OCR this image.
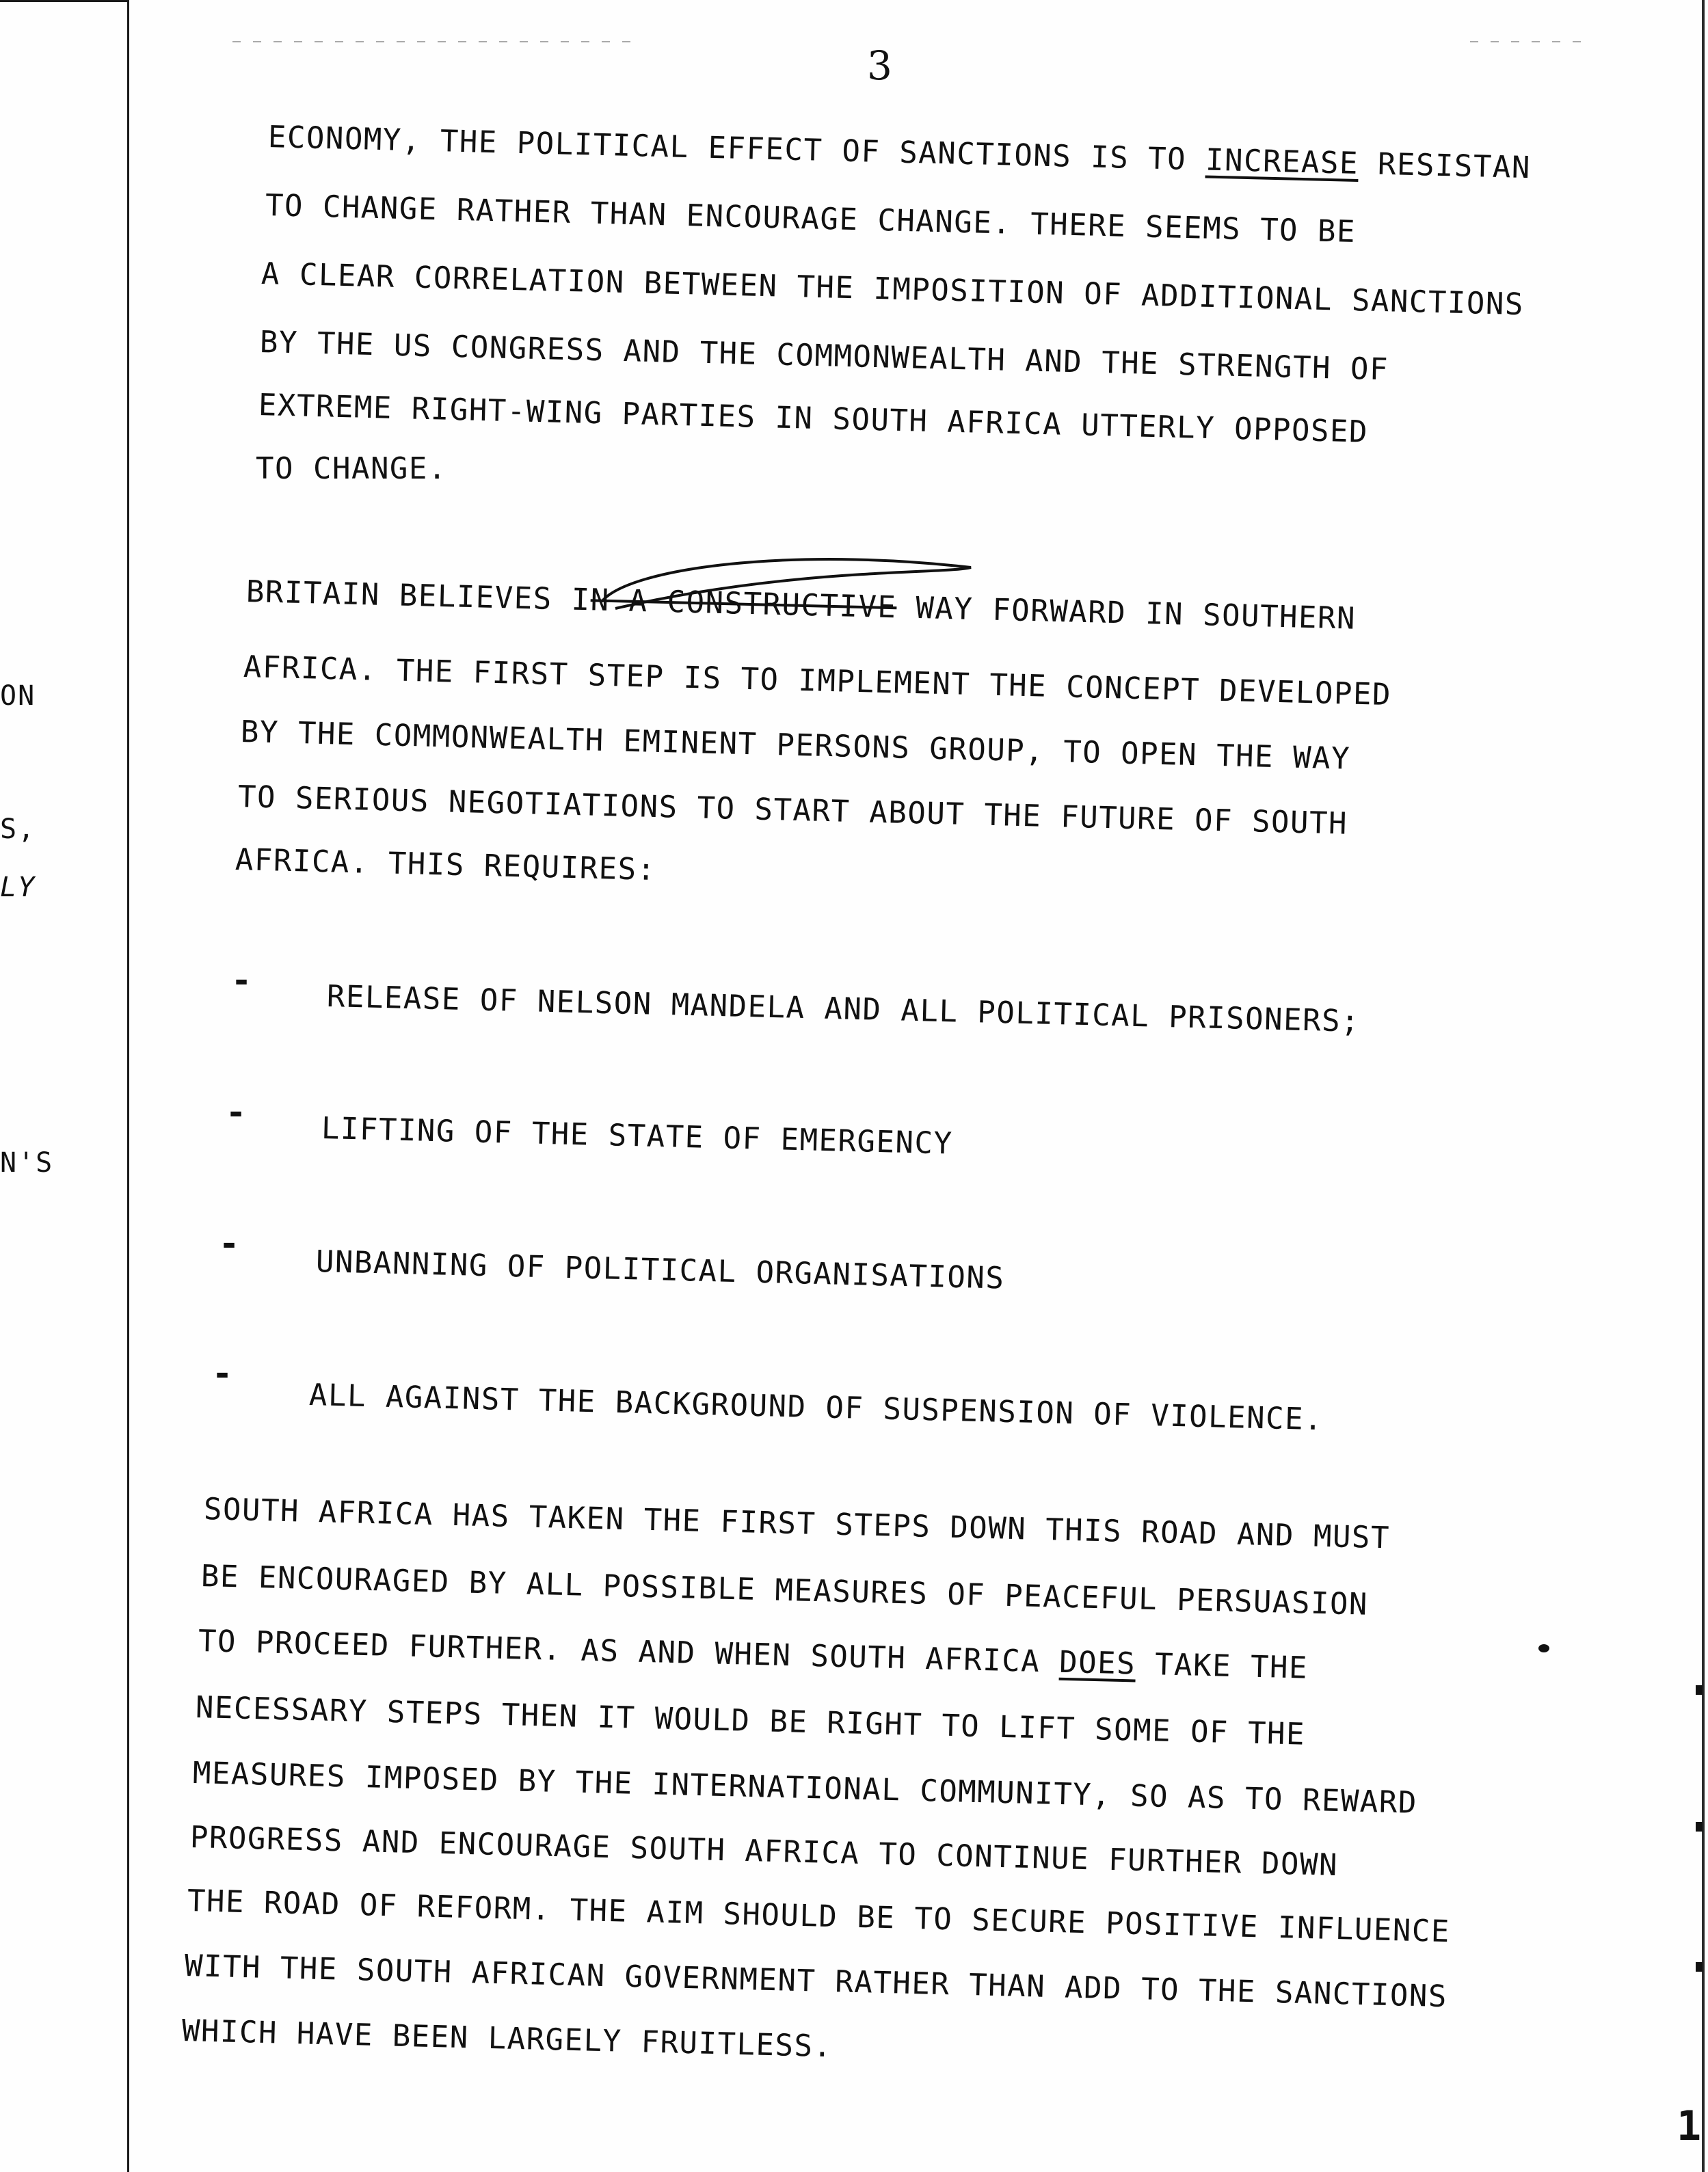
3
ON
S,
LY
N'S
ECONOMY, THE POLITICAL EFFECT OF SANCTIONS IS TO INCREASE RESISTAN
TO CHANGE RATHER THAN ENCOURAGE CHANGE. THERE SEEMS TO BE
A CLEAR CORRELATION BETWEEN THE IMPOSITION OF ADDITIONAL SANCTIONS
BY THE US CONGRESS AND THE COMMONWEALTH AND THE STRENGTH OF
EXTREME RIGHT-WING PARTIES IN SOUTH AFRICA UTTERLY OPPOSED
TO CHANGE.
BRITAIN BELIEVES IN A CONSTRUCTIVE WAY FORWARD IN SOUTHERN
AFRICA. THE FIRST STEP IS TO IMPLEMENT THE CONCEPT DEVELOPED
BY THE COMMONWEALTH EMINENT PERSONS GROUP, TO OPEN THE WAY
TO SERIOUS NEGOTIATIONS TO START ABOUT THE FUTURE OF SOUTH
AFRICA. THIS REQUIRES:
- RELEASE OF NELSON MANDELA AND ALL POLITICAL PRISONERS;
- LIFTING OF THE STATE OF EMERGENCY
-
UNBANNING OF POLITICAL ORGANISATIONS
-
ALL AGAINST THE BACKGROUND OF SUSPENSION OF VIOLENCE.
SOUTH AFRICA HAS TAKEN THE FIRST STEPS DOWN THIS ROAD AND MUST
BE ENCOURAGED BY ALL POSSIBLE MEASURES OF PEACEFUL PERSUASION
TO PROCEED FURTHER. AS AND WHEN SOUTH AFRICA DOES TAKE THE
NECESSARY STEPS THEN IT WOULD BE RIGHT TO LIFT SOME OF THE
MEASURES IMPOSED BY THE INTERNATIONAL COMMUNITY, SO AS TO REWARD
PROGRESS AND ENCOURAGE SOUTH AFRICA TO CONTINUE FURTHER DOWN
THE ROAD OF REFORM. THE AIM SHOULD BE TO SECURE POSITIVE INFLUENCE
WITH THE SOUTH AFRICAN GOVERNMENT RATHER THAN ADD TO THE SANCTIONS
WHICH HAVE BEEN LARGELY FRUITLESS.
1
